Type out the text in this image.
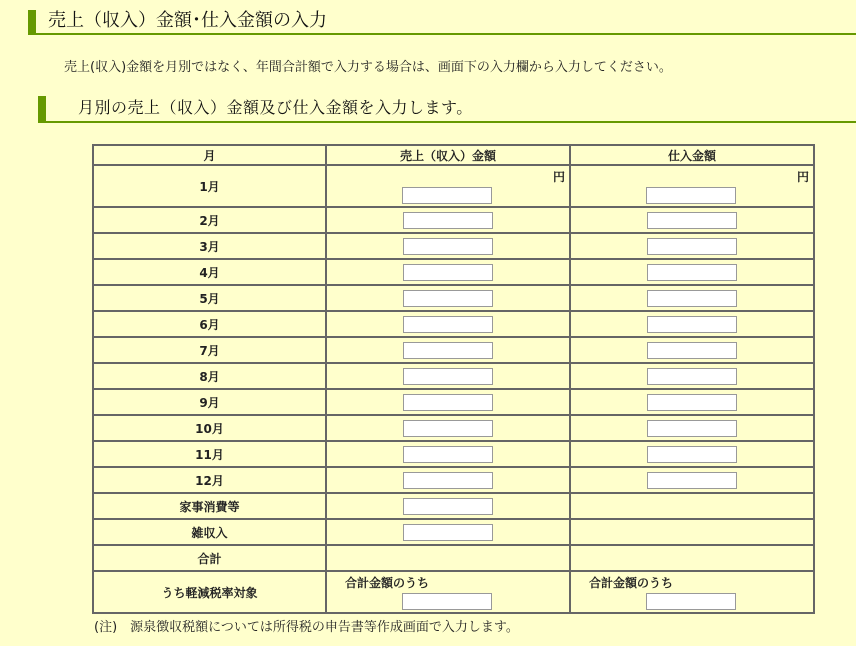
売上（収入）金額･仕入金額の入力
売上(収入)金額を月別ではなく、年間合計額で入力する場合は、画面下の入力欄から入力してください。
月別の売上（収入）金額及び仕入金額を入力します。
月	売上（収入）金額	仕入金額
1月	円	円

2月	

3月	

4月	

5月	

6月	

7月	

8月	

9月	

10月	

11月	

12月	

家事消費等	

雑収入	

合計		
うち軽減税率対象	合計金額のうち	合計金額のうち
(注)　源泉徴収税額については所得税の申告書等作成画面で入力します。
